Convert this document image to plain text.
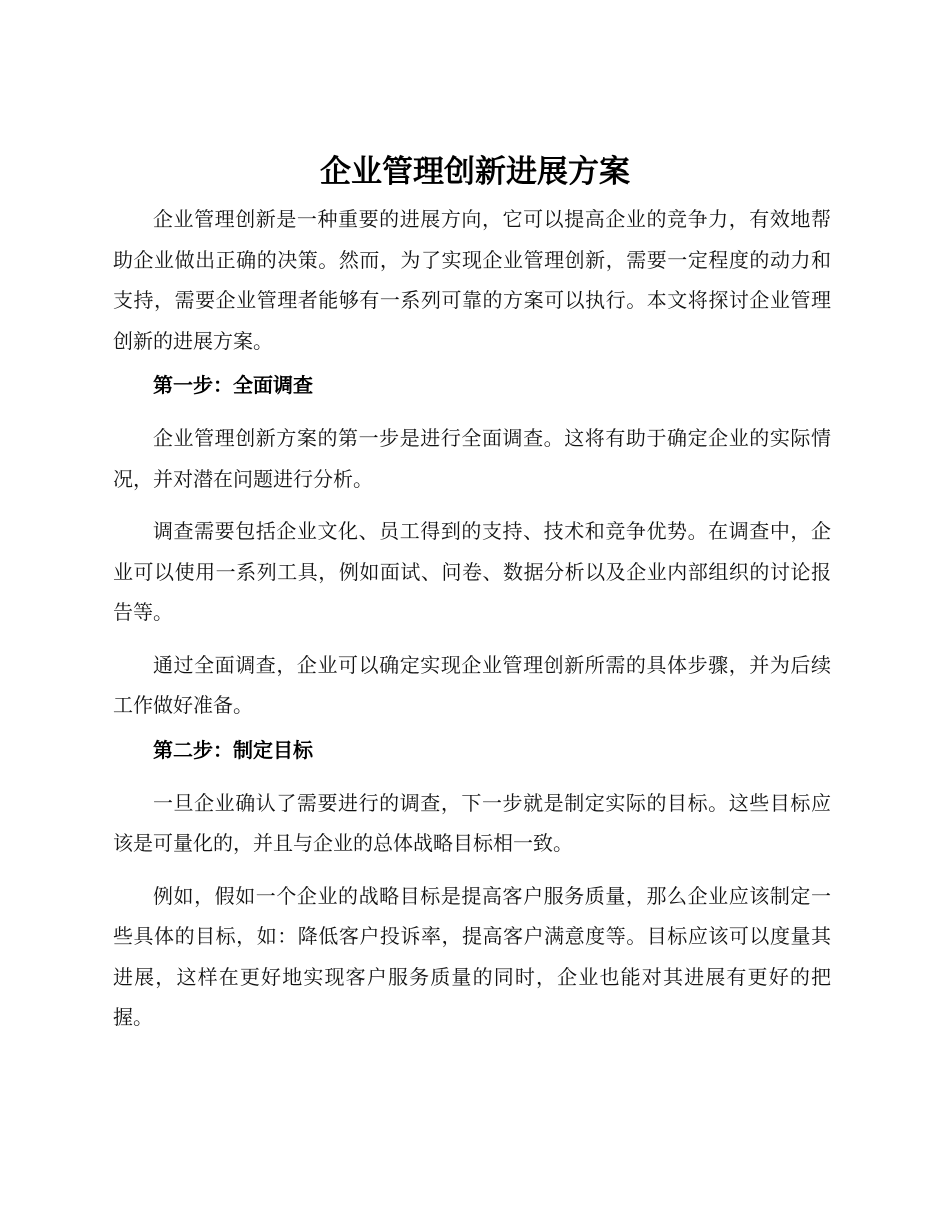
企业管理创新进展方案

企业管理创新是一种重要的进展方向，它可以提高企业的竞争力，有效地帮助企业做出正确的决策。然而，为了实现企业管理创新，需要一定程度的动力和支持，需要企业管理者能够有一系列可靠的方案可以执行。本文将探讨企业管理创新的进展方案。

第一步：全面调查

企业管理创新方案的第一步是进行全面调查。这将有助于确定企业的实际情况，并对潜在问题进行分析。

调查需要包括企业文化、员工得到的支持、技术和竞争优势。在调查中，企业可以使用一系列工具，例如面试、问卷、数据分析以及企业内部组织的讨论报告等。

通过全面调查，企业可以确定实现企业管理创新所需的具体步骤，并为后续工作做好准备。

第二步：制定目标

一旦企业确认了需要进行的调查，下一步就是制定实际的目标。这些目标应该是可量化的，并且与企业的总体战略目标相一致。

例如，假如一个企业的战略目标是提高客户服务质量，那么企业应该制定一些具体的目标，如：降低客户投诉率，提高客户满意度等。目标应该可以度量其进展，这样在更好地实现客户服务质量的同时，企业也能对其进展有更好的把握。
